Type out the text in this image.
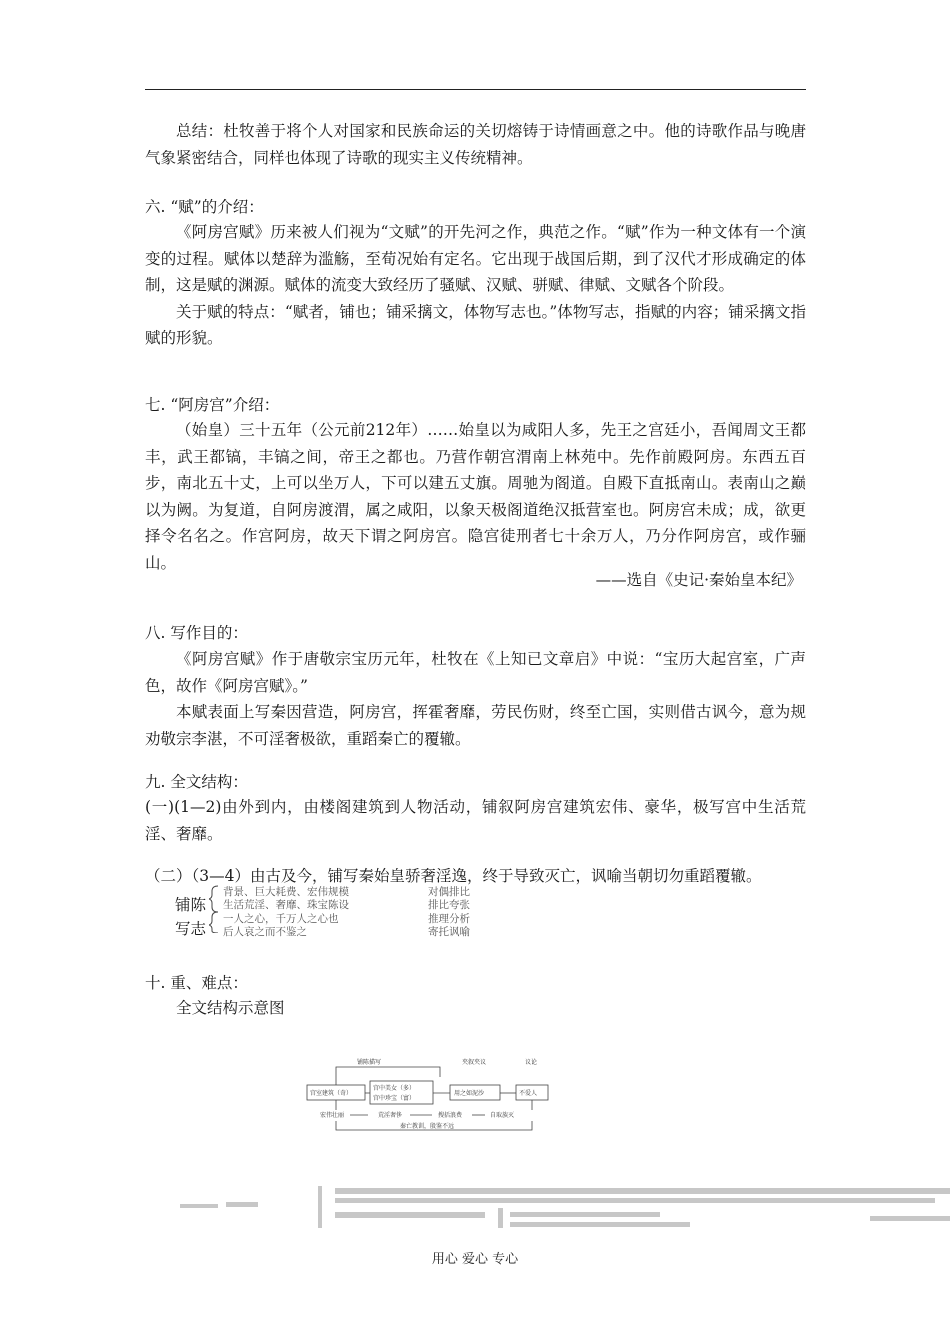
总结：杜牧善于将个人对国家和民族命运的关切熔铸于诗情画意之中。他的诗歌作品与晚唐气象紧密结合，同样也体现了诗歌的现实主义传统精神。
六. “赋”的介绍：
《阿房宫赋》历来被人们视为“文赋”的开先河之作，典范之作。“赋”作为一种文体有一个演变的过程。赋体以楚辞为滥觞，至荀况始有定名。它出现于战国后期，到了汉代才形成确定的体制，这是赋的渊源。赋体的流变大致经历了骚赋、汉赋、骈赋、律赋、文赋各个阶段。
关于赋的特点：“赋者，铺也；铺采摛文，体物写志也。”体物写志，指赋的内容；铺采摛文指赋的形貌。
七. “阿房宫”介绍：
（始皇）三十五年（公元前212年）……始皇以为咸阳人多，先王之宫廷小，吾闻周文王都丰，武王都镐，丰镐之间，帝王之都也。乃营作朝宫渭南上林苑中。先作前殿阿房。东西五百步，南北五十丈，上可以坐万人，下可以建五丈旗。周驰为阁道。自殿下直抵南山。表南山之巅以为阙。为复道，自阿房渡渭，属之咸阳，以象天极阁道绝汉抵营室也。阿房宫未成；成，欲更择令名名之。作宫阿房，故天下谓之阿房宫。隐宫徒刑者七十余万人，乃分作阿房宫，或作骊山。
——选自《史记·秦始皇本纪》
八. 写作目的：
《阿房宫赋》作于唐敬宗宝历元年，杜牧在《上知已文章启》中说：“宝历大起宫室，广声色，故作《阿房宫赋》。”
本赋表面上写秦因营造，阿房宫，挥霍奢靡，劳民伤财，终至亡国，实则借古讽今，意为规劝敬宗李湛，不可淫奢极欲，重蹈秦亡的覆辙。
九. 全文结构：
(一)(1—2)由外到内，由楼阁建筑到人物活动，铺叙阿房宫建筑宏伟、豪华，极写宫中生活荒淫、奢靡。
（二）（3—4）由古及今，铺写秦始皇骄奢淫逸，终于导致灭亡，讽喻当朝切勿重蹈覆辙。
铺陈
背景、巨大耗费、宏伟规模	对偶排比
生活荒淫、奢靡、珠宝陈设	排比夸张
写志
一人之心，千万人之心也	推理分析
后人哀之而不鉴之	寄托讽喻
十. 重、难点：
全文结构示意图
铺陈描写	夹叙夹议	议论
宫室建筑（奇）
宫中美女（多）
宫中珍宝（富）
用之如泥沙	不爱人
宏伟壮丽	荒淫奢侈	搜括浪费	自取族灭
秦亡教训，殷鉴不远
用心 爱心 专心
